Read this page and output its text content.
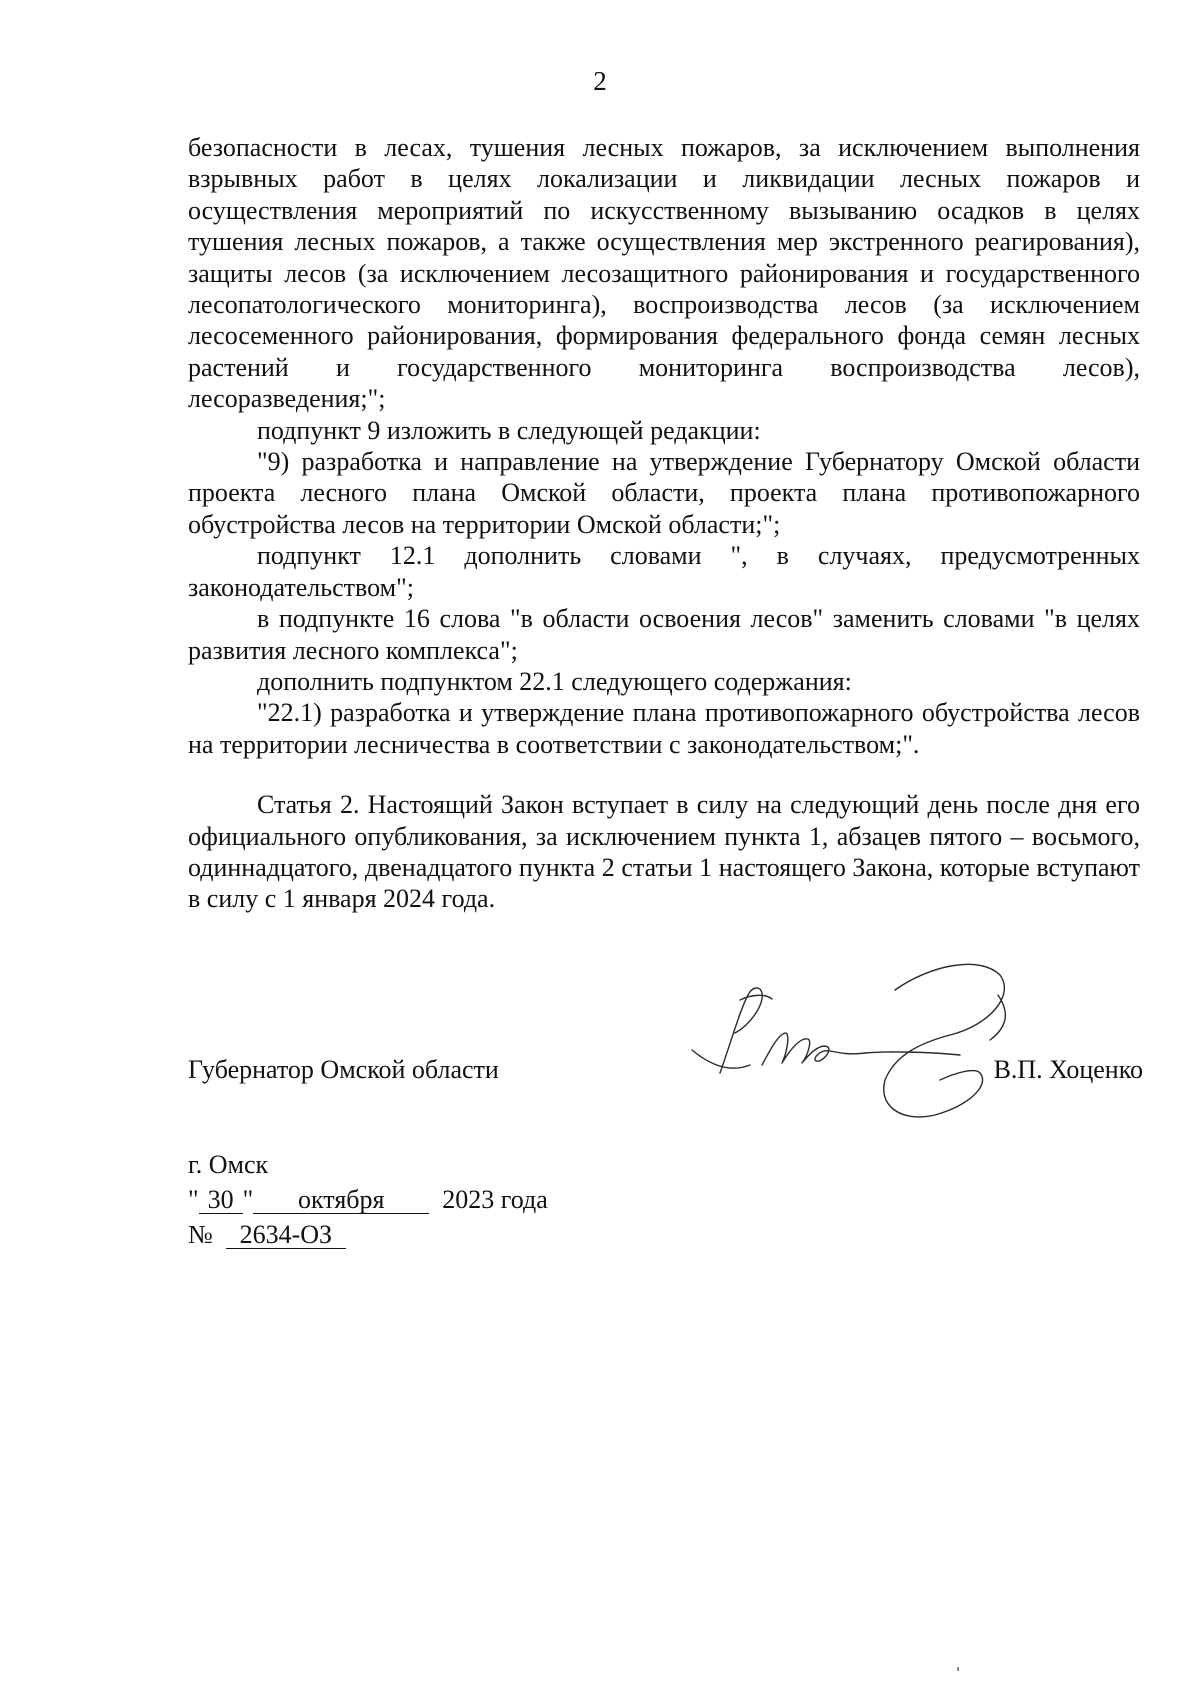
2

безопасности в лесах, тушения лесных пожаров, за исключением выполнения взрывных работ в целях локализации и ликвидации лесных пожаров и осуществления мероприятий по искусственному вызыванию осадков в целях тушения лесных пожаров, а также осуществления мер экстренного реагирования), защиты лесов (за исключением лесозащитного районирования и государственного лесопатологического мониторинга), воспроизводства лесов (за исключением лесосеменного районирования, формирования федерального фонда семян лесных растений и государственного мониторинга воспроизводства лесов), лесоразведения;";

подпункт 9 изложить в следующей редакции:

"9) разработка и направление на утверждение Губернатору Омской области проекта лесного плана Омской области, проекта плана противопожарного обустройства лесов на территории Омской области;";

подпункт 12.1 дополнить словами ", в случаях, предусмотренных законодательством";

в подпункте 16 слова "в области освоения лесов" заменить словами "в целях развития лесного комплекса";

дополнить подпунктом 22.1 следующего содержания:

"22.1) разработка и утверждение плана противопожарного обустройства лесов на территории лесничества в соответствии с законодательством;".

Статья 2. Настоящий Закон вступает в силу на следующий день после дня его официального опубликования, за исключением пункта 1, абзацев пятого – восьмого, одиннадцатого, двенадцатого пункта 2 статьи 1 настоящего Закона, которые вступают в силу с 1 января 2024 года.

Губернатор Омской области	В.П. Хоценко
г. Омск
" 30 " октября 2023 года
№ 2634-ОЗ
